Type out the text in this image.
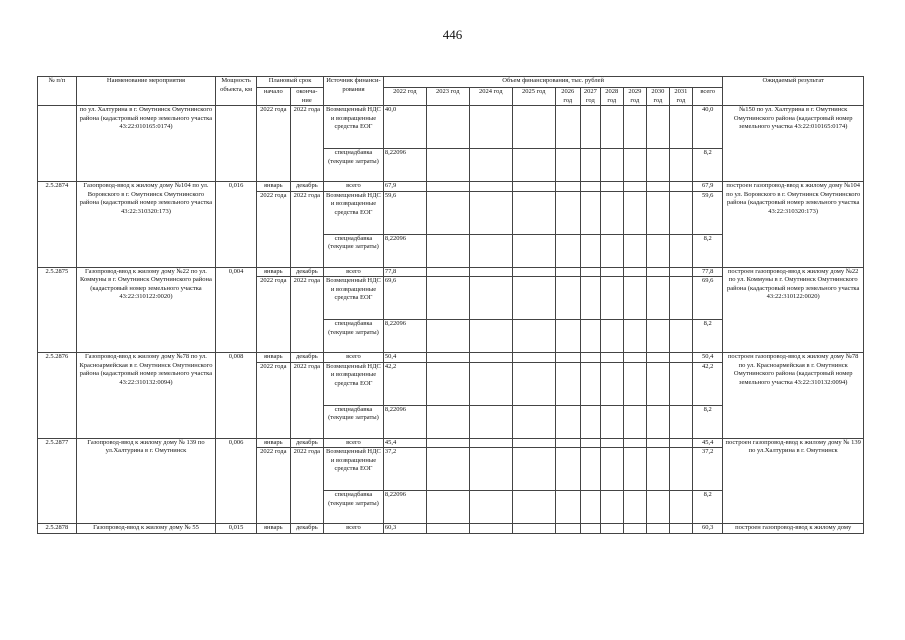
446
№ п/п	Наименование мероприятия	Мощность объекта, км	Плановый срок		Источник финанси-рования	Объем финансирования, тыс. рублей											Ожидаемый результат
			начало	оконча-ние		2022 год	2023 год	2024 год	2025 год	2026 год	2027 год	2028 год	2029 год	2030 год	2031 год	всего	
	по ул. Халтурина в г. Омутнинск Омутнинского района (кадастровый номер земельного участка 43:22:010165:0174)		2022 года	2022 года	Возмещенный НДС и возвращенные средства ЕОГ	40,0										40,0	№150 по ул. Халтурина в г. Омутнинск Омутнинского района (кадастровый номер земельного участка 43:22:010165:0174)
					спецнадбавка (текущие затраты)	8,22096										8,2	
2.5.2874	Газопровод-ввод к жилому дому №104 по ул. Воровского в г. Омутнинск Омутнинского района (кадастровый номер земельного участка 43:22:310320:173)	0,016	январь	декабрь	всего	67,9										67,9	построен газопровод-ввод к жилому дому №104 по ул. Воровского в г. Омутнинск Омутнинского района (кадастровый номер земельного участка 43:22:310320:173)
			2022 года	2022 года	Возмещенный НДС и возвращенные средства ЕОГ	59,6										59,6	
					спецнадбавка (текущие затраты)	8,22096										8,2	
2.5.2875	Газопровод-ввод к жилому дому №22 по ул. Коммуны в г. Омутнинск Омутнинского района (кадастровый номер земельного участка 43:22:310122:0020)	0,004	январь	декабрь	всего	77,8										77,8	построен газопровод-ввод к жилому дому №22 по ул. Коммуны в г. Омутнинск Омутнинского района (кадастровый номер земельного участка 43:22:310122:0020)
			2022 года	2022 года	Возмещенный НДС и возвращенные средства ЕОГ	69,6										69,6	
					спецнадбавка (текущие затраты)	8,22096										8,2	
2.5.2876	Газопровод-ввод к жилому дому №78 по ул. Красноармейская в г. Омутнинск Омутнинского района (кадастровый номер земельного участка 43:22:310132:0094)	0,008	январь	декабрь	всего	50,4										50,4	построен газопровод-ввод к жилому дому №78 по ул. Красноармейская в г. Омутнинск Омутнинского района (кадастровый номер земельного участка 43:22:310132:0094)
			2022 года	2022 года	Возмещенный НДС и возвращенные средства ЕОГ	42,2										42,2	
					спецнадбавка (текущие затраты)	8,22096										8,2	
2.5.2877	Газопровод-ввод к жилому дому № 139 по ул.Халтурина в г. Омутнинск	0,006	январь	декабрь	всего	45,4										45,4	построен газопровод-ввод к жилому дому № 139 по ул.Халтурина в г. Омутнинск
			2022 года	2022 года	Возмещенный НДС и возвращенные средства ЕОГ	37,2										37,2	
					спецнадбавка (текущие затраты)	8,22096										8,2	
2.5.2878	Газопровод-ввод к жилому дому № 55	0,015	январь	декабрь	всего	60,3										60,3	построен газопровод-ввод к жилому дому
